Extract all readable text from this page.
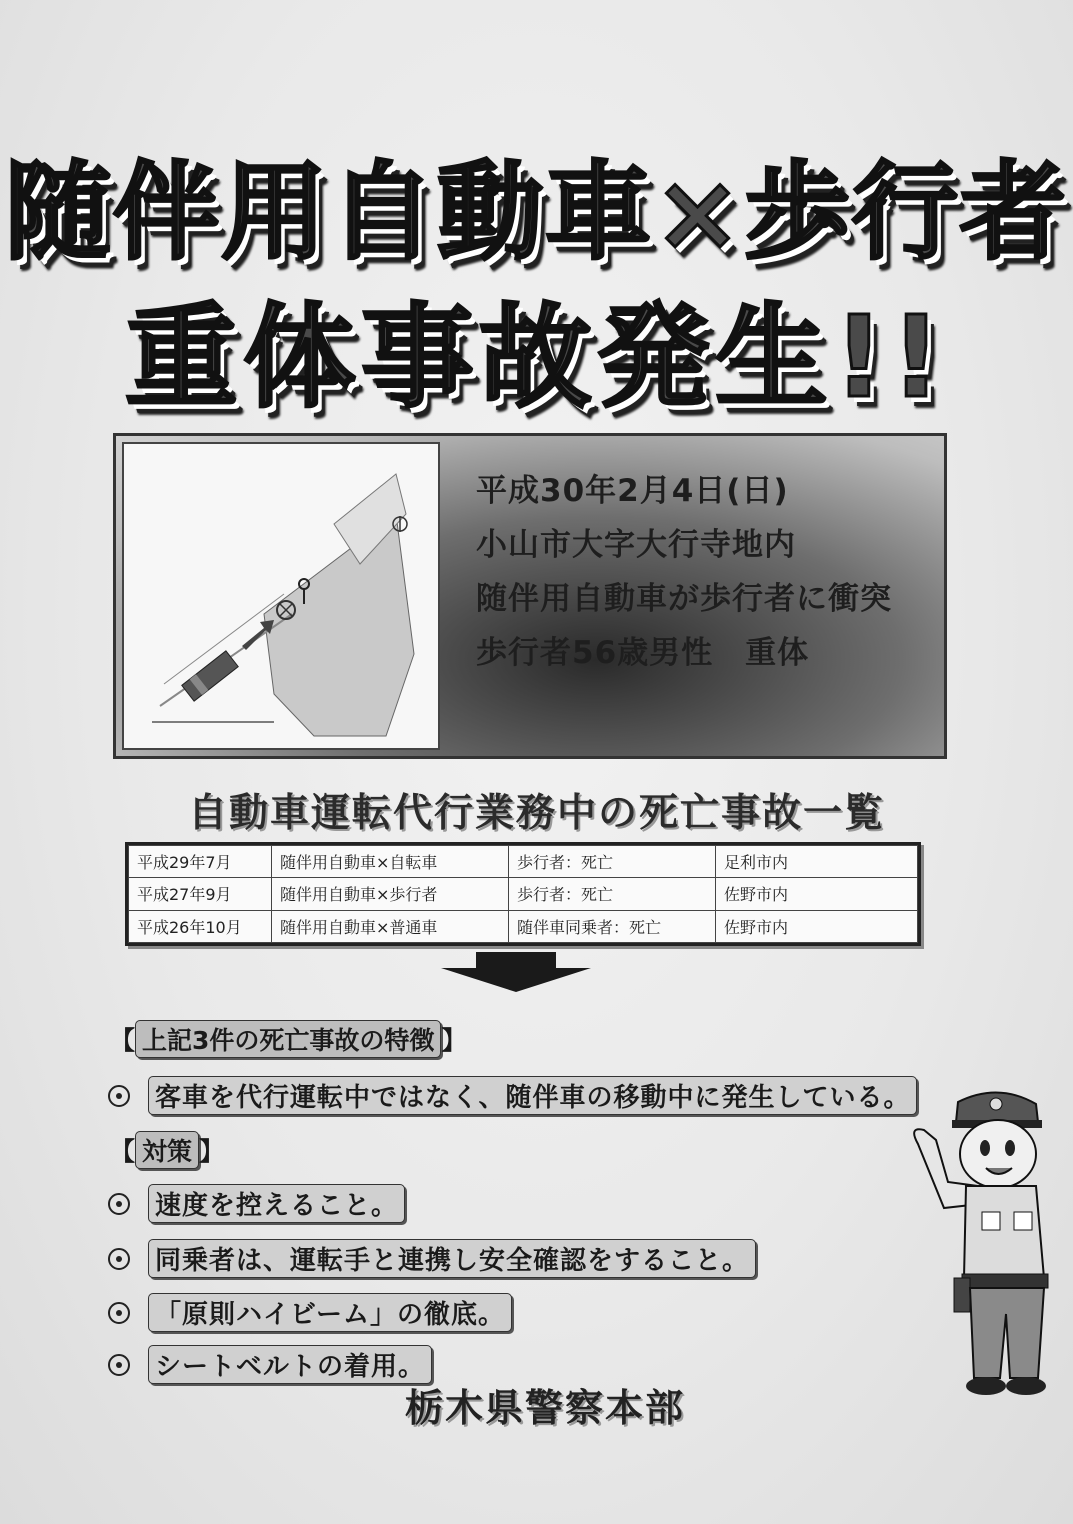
随伴用自動車×歩行者
重体事故発生!!
平成30年2月4日(日)
小山市大字大行寺地内
随伴用自動車が歩行者に衝突
歩行者56歳男性　重体
自動車運転代行業務中の死亡事故一覧
平成29年7月	随伴用自動車×自転車	歩行者：死亡	足利市内
平成27年9月	随伴用自動車×歩行者	歩行者：死亡	佐野市内
平成26年10月	随伴用自動車×普通車	随伴車同乗者：死亡	佐野市内
【 上記3件の死亡事故の特徴 】
客車を代行運転中ではなく、随伴車の移動中に発生している。
【 対策 】
速度を控えること。
同乗者は、運転手と連携し安全確認をすること。
「原則ハイビーム」の徹底。
シートベルトの着用。
栃木県警察本部
